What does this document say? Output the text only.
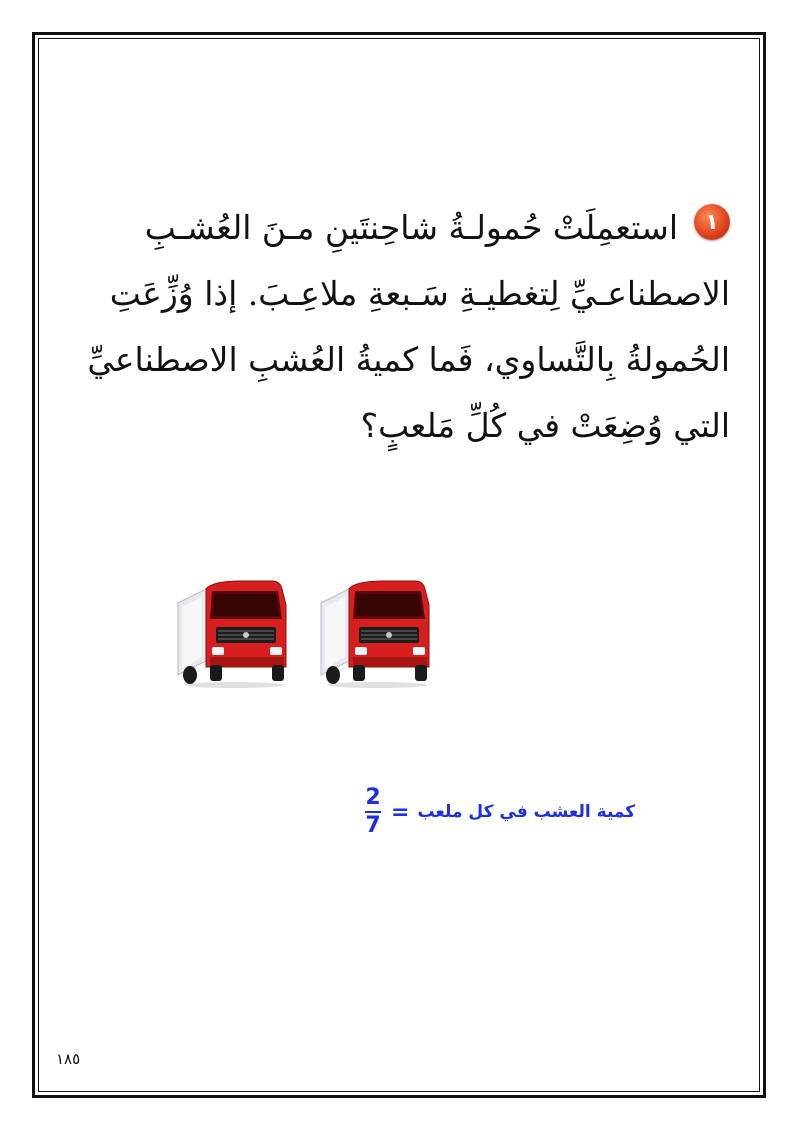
١
استعمِلَتْ حُمولـةُ شاحِنتَينِ مـنَ العُشـبِ
الاصطناعـيِّ لِتغطيـةِ سَـبعةِ ملاعِـبَ. إذا وُزِّعَتِ
الحُمولةُ بِالتَّساوي، فَما كميةُ العُشبِ الاصطناعيِّ
التي وُضِعَتْ في كُلِّ مَلعبٍ؟
$\frac{2}{7}$ = كمية العشب في كل ملعب
١٨٥
